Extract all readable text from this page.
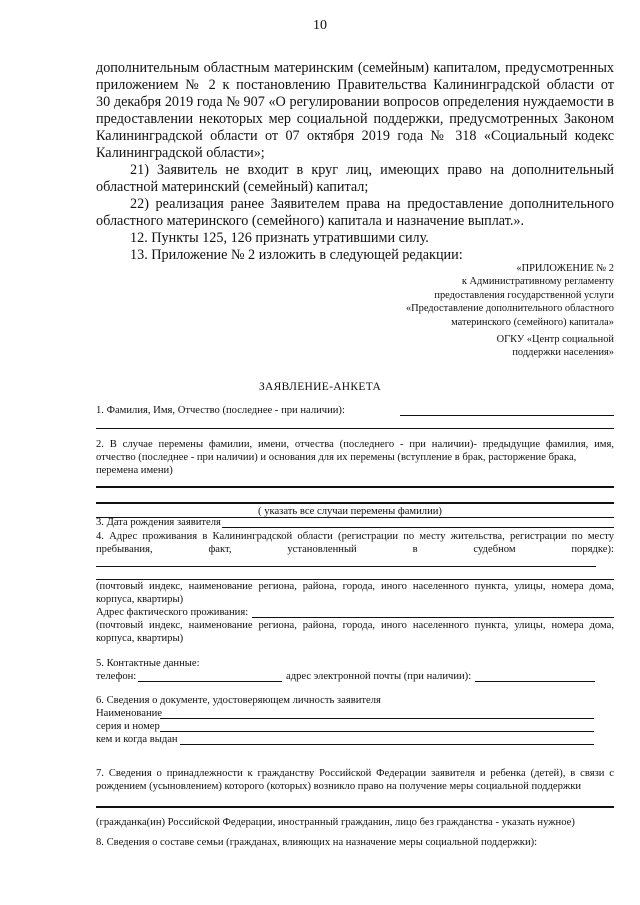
10
дополнительным областным материнским (семейным) капиталом, предусмотренных
приложением № 2 к постановлению Правительства Калининградской области от
30 декабря 2019 года № 907 «О регулировании вопросов определения нуждаемости в
предоставлении некоторых мер социальной поддержки, предусмотренных Законом
Калининградской области от 07 октября 2019 года № 318 «Социальный кодекс
Калининградской области»;
21) Заявитель не входит в круг лиц, имеющих право на дополнительный
областной материнский (семейный) капитал;
22) реализация ранее Заявителем права на предоставление дополнительного
областного материнского (семейного) капитала и назначение выплат.».
12. Пункты 125, 126 признать утратившими силу.
13. Приложение № 2 изложить в следующей редакции:
«ПРИЛОЖЕНИЕ № 2
к Административному регламенту
предоставления государственной услуги
«Предоставление дополнительного областного
материнского (семейного) капитала»
ОГКУ «Центр социальной
поддержки населения»
ЗАЯВЛЕНИЕ-АНКЕТА
1. Фамилия, Имя, Отчество (последнее - при наличии):
2. В случае перемены фамилии, имени, отчества (последнего - при наличии)- предыдущие фамилия, имя,
отчество (последнее - при наличии) и основания для их перемены (вступление в брак, расторжение брака,
перемена имени)
( указать все случаи перемены фамилии)
3. Дата рождения заявителя
4. Адрес проживания в Калининградской области (регистрации по месту жительства, регистрации по месту
пребывания,	факт,	установленный	в	судебном	порядке):
(почтовый индекс, наименование региона, района, города, иного населенного пункта, улицы, номера дома,
корпуса, квартиры)
Адрес фактического проживания:
(почтовый индекс, наименование региона, района, города, иного населенного пункта, улицы, номера дома,
корпуса, квартиры)
5. Контактные данные:
телефон:	адрес электронной почты (при наличии):
6. Сведения о документе, удостоверяющем личность заявителя
Наименование
серия и номер
кем и когда выдан
7. Сведения о принадлежности к гражданству Российской Федерации заявителя и ребенка (детей), в связи с
рождением (усыновлением) которого (которых) возникло право на получение меры социальной поддержки
(гражданка(ин) Российской Федерации, иностранный гражданин, лицо без гражданства - указать нужное)
8. Сведения о составе семьи (гражданах, влияющих на назначение меры социальной поддержки):
